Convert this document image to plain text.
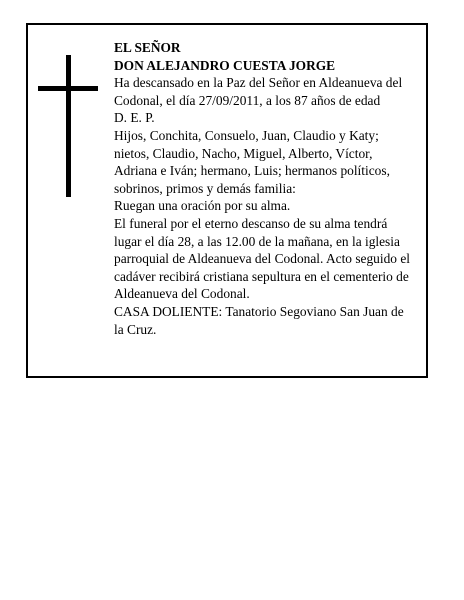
EL SEÑOR
DON ALEJANDRO CUESTA JORGE
Ha descansado en la Paz del Señor en Aldeanueva del
Codonal, el día 27/09/2011, a los 87 años de edad
D. E. P.
Hijos, Conchita, Consuelo, Juan, Claudio y Katy;
nietos, Claudio, Nacho, Miguel, Alberto, Víctor,
Adriana e Iván; hermano, Luis; hermanos políticos,
sobrinos, primos y demás familia:
Ruegan una oración por su alma.
El funeral por el eterno descanso de su alma tendrá
lugar el día 28, a las 12.00 de la mañana, en la iglesia
parroquial de Aldeanueva del Codonal. Acto seguido el
cadáver recibirá cristiana sepultura en el cementerio de
Aldeanueva del Codonal.
CASA DOLIENTE: Tanatorio Segoviano San Juan de
la Cruz.
